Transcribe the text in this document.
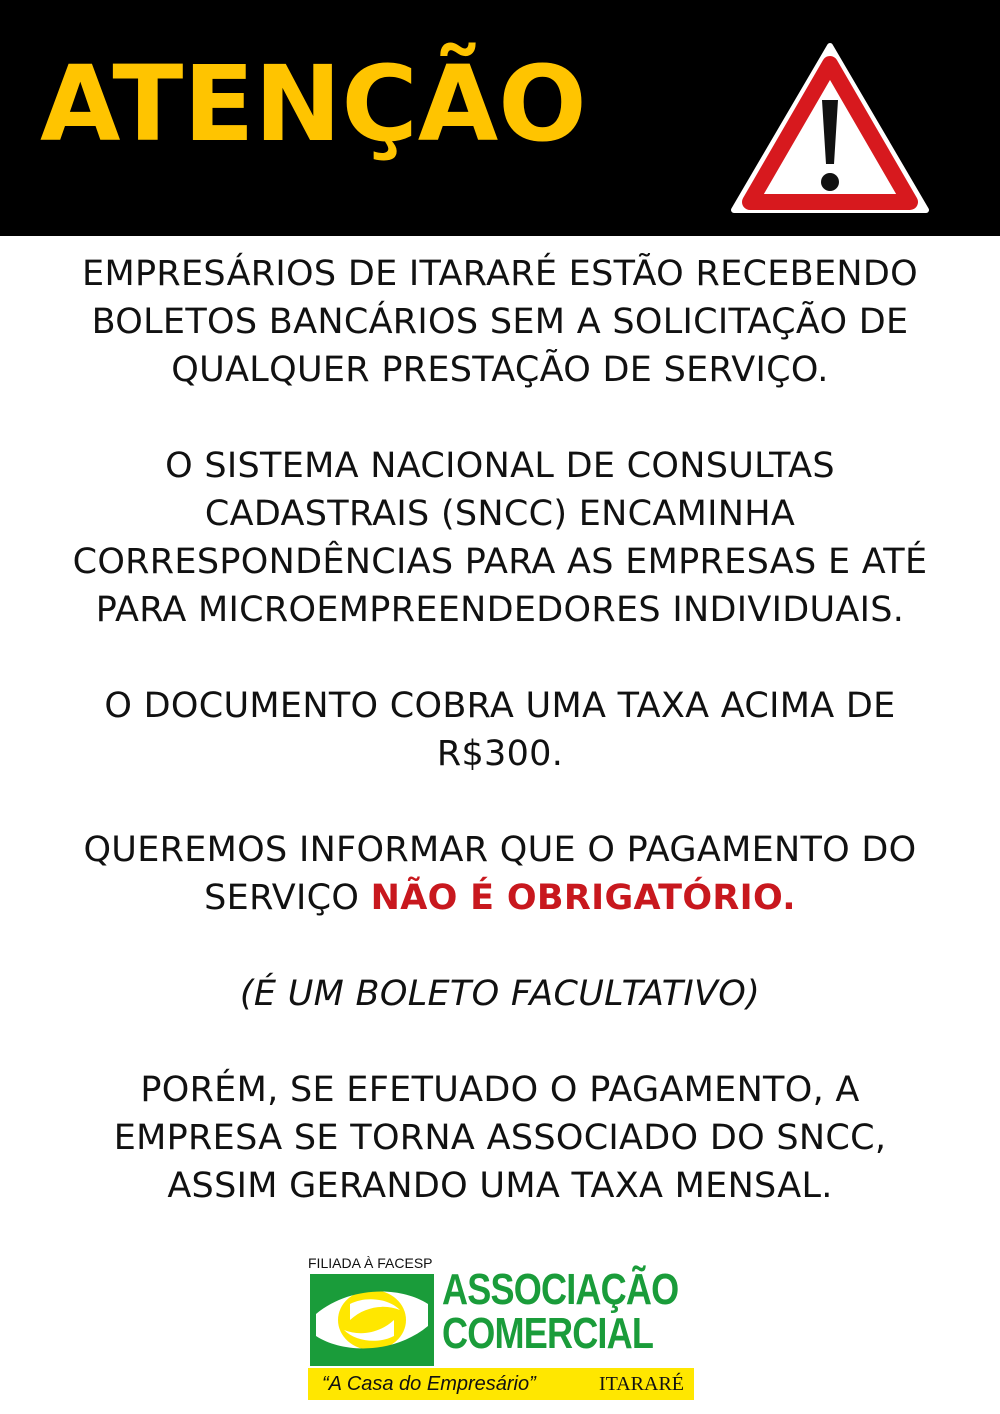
ATENÇÃO

EMPRESÁRIOS DE ITARARÉ ESTÃO RECEBENDO
BOLETOS BANCÁRIOS SEM A SOLICITAÇÃO DE
QUALQUER PRESTAÇÃO DE SERVIÇO.

O SISTEMA NACIONAL DE CONSULTAS
CADASTRAIS (SNCC) ENCAMINHA
CORRESPONDÊNCIAS PARA AS EMPRESAS E ATÉ
PARA MICROEMPREENDEDORES INDIVIDUAIS.

O DOCUMENTO COBRA UMA TAXA ACIMA DE
R$300.

QUEREMOS INFORMAR QUE O PAGAMENTO DO
SERVIÇO NÃO É OBRIGATÓRIO.

(É UM BOLETO FACULTATIVO)

PORÉM, SE EFETUADO O PAGAMENTO, A
EMPRESA SE TORNA ASSOCIADO DO SNCC,
ASSIM GERANDO UMA TAXA MENSAL.

FILIADA À FACESP
ASSOCIAÇÃO
COMERCIAL
“A Casa do Empresário”	ITARARÉ
